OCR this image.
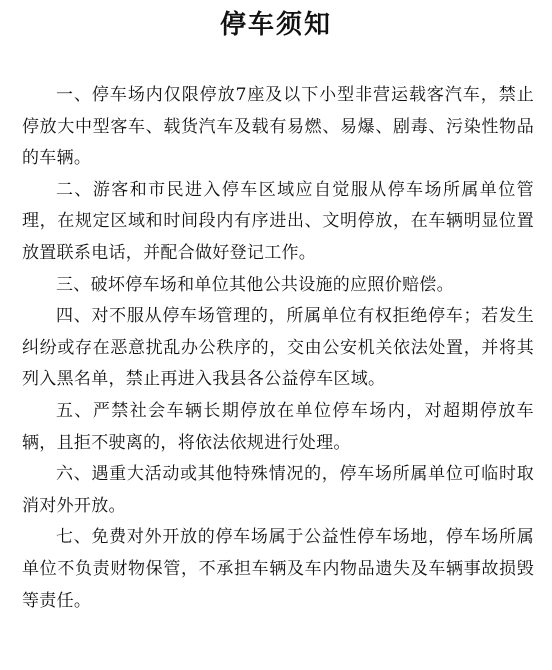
停车须知

一、停车场内仅限停放7座及以下小型非营运载客汽车，禁止停放大中型客车、载货汽车及载有易燃、易爆、剧毒、污染性物品的车辆。

二、游客和市民进入停车区域应自觉服从停车场所属单位管理，在规定区域和时间段内有序进出、文明停放，在车辆明显位置放置联系电话，并配合做好登记工作。

三、破坏停车场和单位其他公共设施的应照价赔偿。

四、对不服从停车场管理的，所属单位有权拒绝停车；若发生纠纷或存在恶意扰乱办公秩序的，交由公安机关依法处置，并将其列入黑名单，禁止再进入我县各公益停车区域。

五、严禁社会车辆长期停放在单位停车场内，对超期停放车辆，且拒不驶离的，将依法依规进行处理。

六、遇重大活动或其他特殊情况的，停车场所属单位可临时取消对外开放。

七、免费对外开放的停车场属于公益性停车场地，停车场所属单位不负责财物保管，不承担车辆及车内物品遗失及车辆事故损毁等责任。
